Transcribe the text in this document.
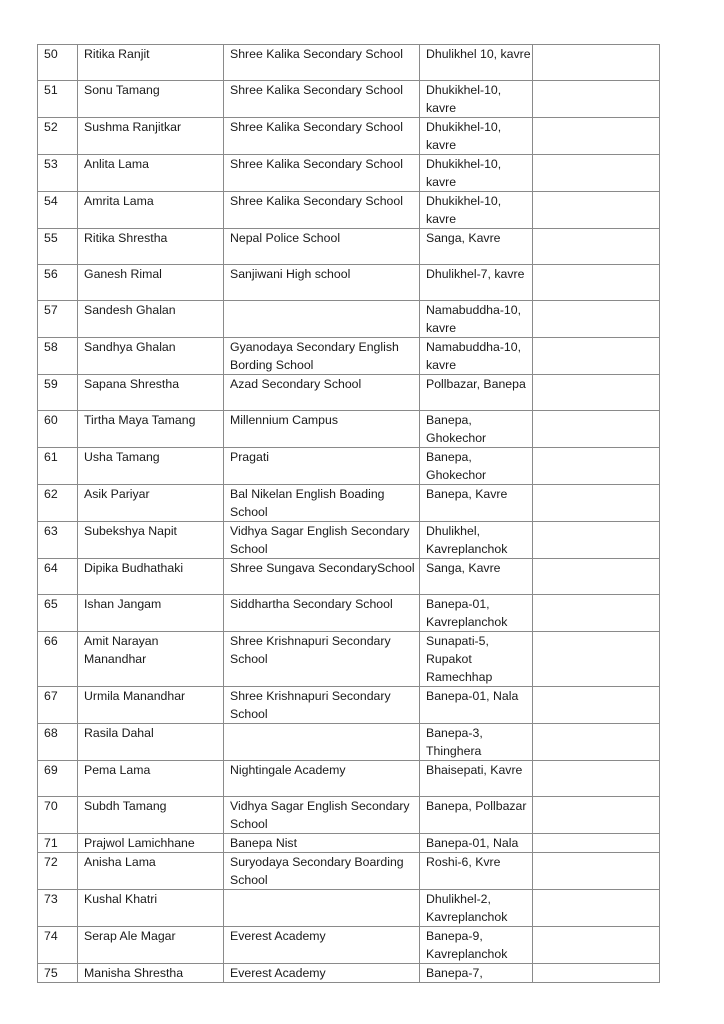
50	Ritika Ranjit	Shree Kalika Secondary School	Dhulikhel 10, kavre	
51	Sonu Tamang	Shree Kalika Secondary School	Dhukikhel-10, kavre	
52	Sushma Ranjitkar	Shree Kalika Secondary School	Dhukikhel-10, kavre	
53	Anlita Lama	Shree Kalika Secondary School	Dhukikhel-10, kavre	
54	Amrita Lama	Shree Kalika Secondary School	Dhukikhel-10, kavre	
55	Ritika Shrestha	Nepal Police School	Sanga, Kavre	
56	Ganesh Rimal	Sanjiwani High school	Dhulikhel-7, kavre	
57	Sandesh Ghalan		Namabuddha-10, kavre	
58	Sandhya Ghalan	Gyanodaya Secondary English Bording School	Namabuddha-10, kavre	
59	Sapana Shrestha	Azad Secondary School	Pollbazar, Banepa	
60	Tirtha Maya Tamang	Millennium Campus	Banepa, Ghokechor	
61	Usha Tamang	Pragati	Banepa, Ghokechor	
62	Asik Pariyar	Bal Nikelan English Boading School	Banepa, Kavre	
63	Subekshya Napit	Vidhya Sagar English Secondary School	Dhulikhel, Kavreplanchok	
64	Dipika Budhathaki	Shree Sungava SecondarySchool	Sanga, Kavre	
65	Ishan Jangam	Siddhartha Secondary School	Banepa-01, Kavreplanchok	
66	Amit Narayan Manandhar	Shree Krishnapuri Secondary School	Sunapati-5, Rupakot Ramechhap	
67	Urmila Manandhar	Shree Krishnapuri Secondary School	Banepa-01, Nala	
68	Rasila Dahal		Banepa-3, Thinghera	
69	Pema Lama	Nightingale Academy	Bhaisepati, Kavre	
70	Subdh Tamang	Vidhya Sagar English Secondary School	Banepa, Pollbazar	
71	Prajwol Lamichhane	Banepa Nist	Banepa-01, Nala	
72	Anisha Lama	Suryodaya Secondary Boarding School	Roshi-6, Kvre	
73	Kushal Khatri		Dhulikhel-2, Kavreplanchok	
74	Serap Ale Magar	Everest Academy	Banepa-9, Kavreplanchok	
75	Manisha Shrestha	Everest Academy	Banepa-7,	
